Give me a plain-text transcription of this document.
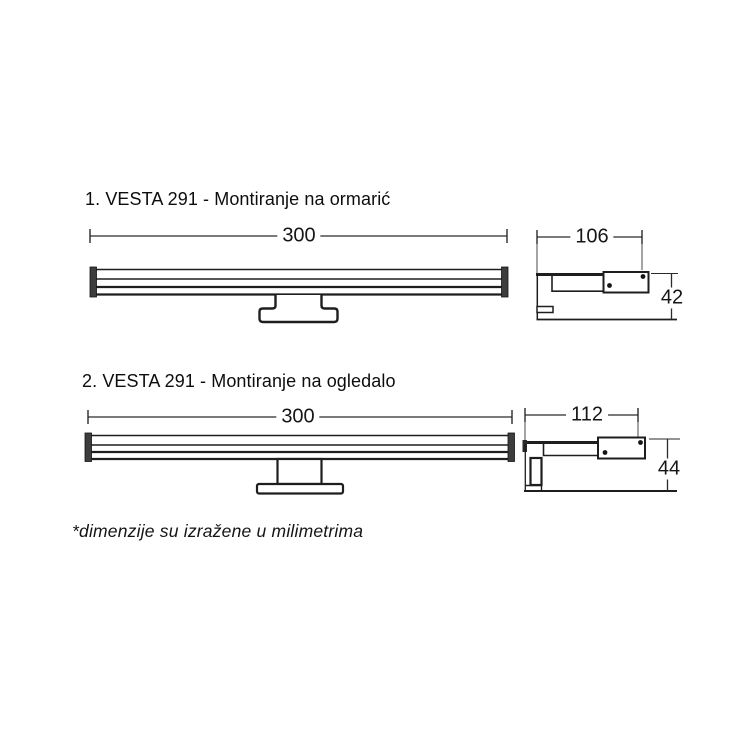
1. VESTA 291 - Montiranje na ormarić
300	106
42
2. VESTA 291 - Montiranje na ogledalo
300	112
44
*dimenzije su izražene u milimetrima
